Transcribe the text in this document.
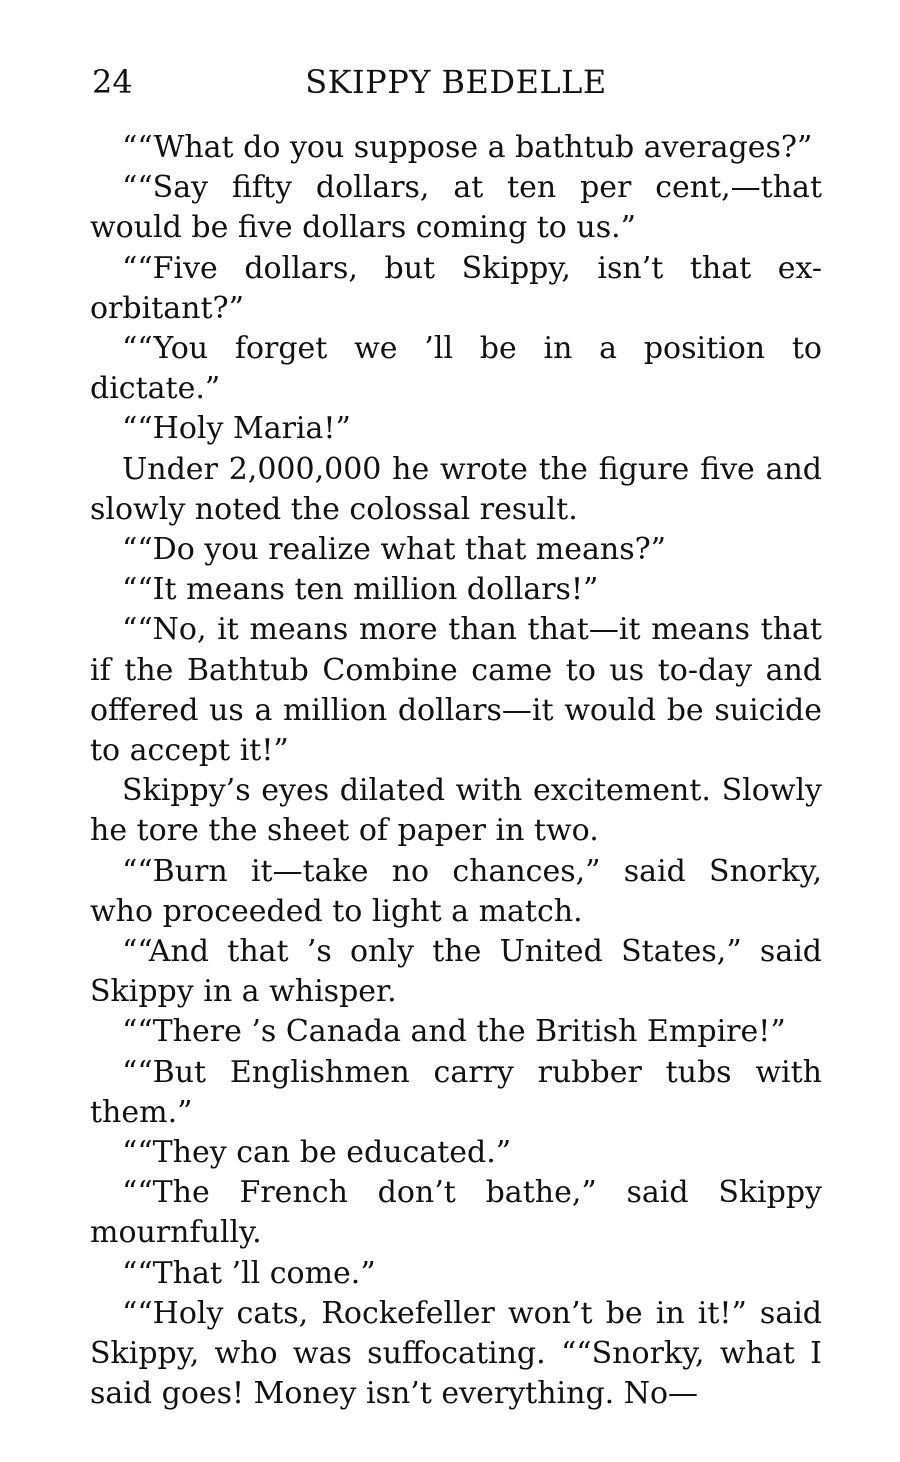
24	SKIPPY BEDELLE

““What do you suppose a bathtub averages?”

““Say fifty dollars, at ten per cent,—that would be five dollars coming to us.”

““Five dollars, but Skippy, isn’t that ex-orbitant?”

““You forget we ’ll be in a position to dictate.”

““Holy Maria!”

Under 2,000,000 he wrote the figure five and slowly noted the colossal result.

““Do you realize what that means?”

““It means ten million dollars!”

““No, it means more than that—it means that if the Bathtub Combine came to us to-day and offered us a million dollars—it would be suicide to accept it!”

Skippy’s eyes dilated with excitement. Slowly he tore the sheet of paper in two.

““Burn it—take no chances,” said Snorky, who proceeded to light a match.

““And that ’s only the United States,” said Skippy in a whisper.

““There ’s Canada and the British Empire!”

““But Englishmen carry rubber tubs with them.”

““They can be educated.”

““The French don’t bathe,” said Skippy mournfully.

““That ’ll come.”

““Holy cats, Rockefeller won’t be in it!” said Skippy, who was suffocating. ““Snorky, what I said goes! Money isn’t everything. No—
